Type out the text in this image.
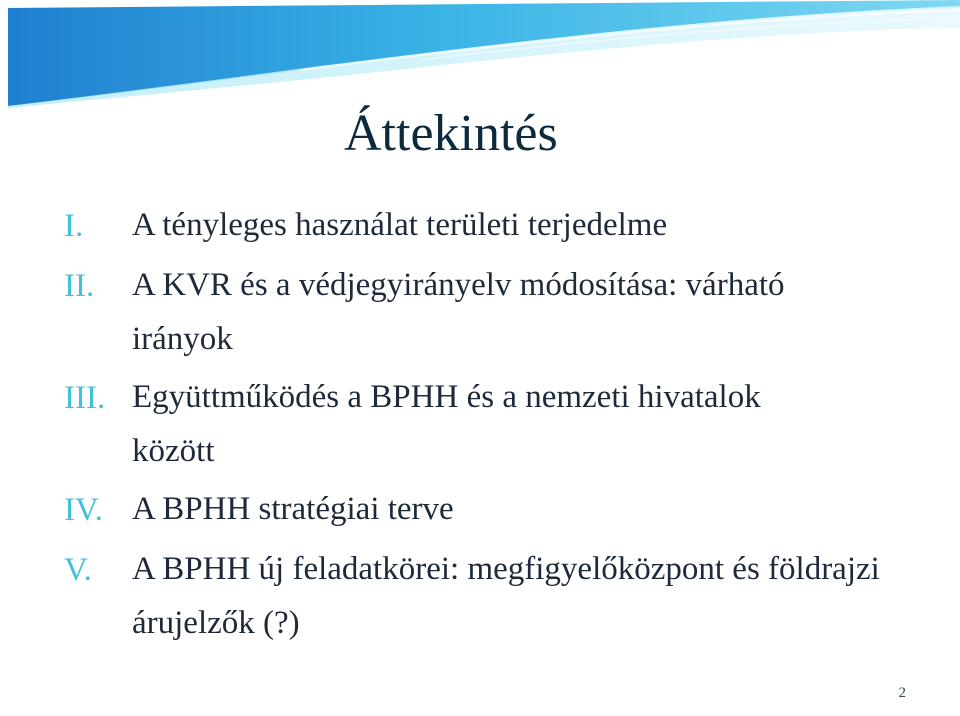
Áttekintés
I. A tényleges használat területi terjedelme
II. A KVR és a védjegyirányelv módosítása: várható irányok
III. Együttműködés a BPHH és a nemzeti hivatalok között
IV. A BPHH stratégiai terve
V. A BPHH új feladatkörei: megfigyelőközpont és földrajzi árujelzők (?)
2
